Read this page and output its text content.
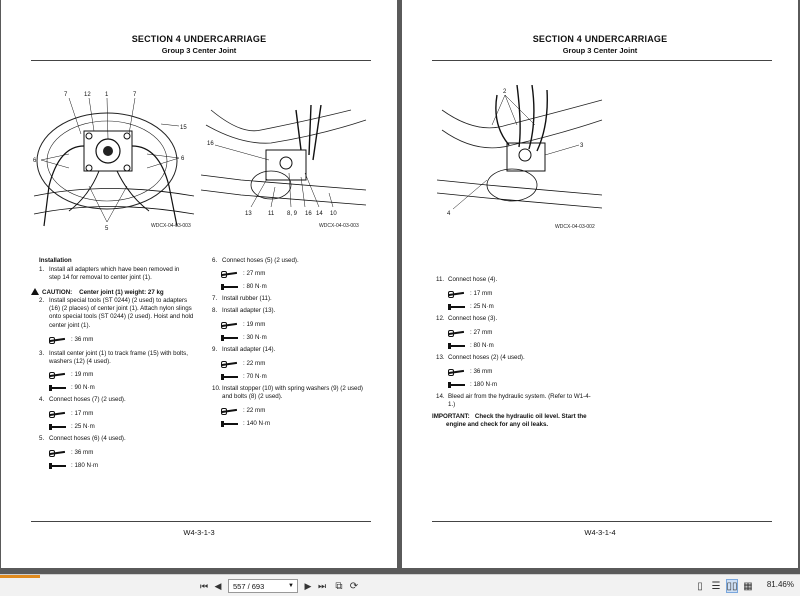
SECTION 4 UNDERCARRIAGE
Group 3 Center Joint
7	12 1	7
15
6	6
5	WDCX-04-03-003
16
13	11 8, 9 16 14 10
WDCX-04-03-003
Installation
1. Install all adapters which have been removed in
step 14 for removal to center joint (1).
CAUTION: Center joint (1) weight: 27 kg
2. Install special tools (ST 0244) (2 used) to adapters
(16) (2 places) of center joint (1). Attach nylon slings
onto special tools (ST 0244) (2 used). Hoist and hold
center joint (1).

: 36 mm
3. Install center joint (1) to track frame (15) with bolts,
washers (12) (4 used).
: 19 mm
: 90 N·m
4. Connect hoses (7) (2 used).
: 17 mm
: 25 N·m
5. Connect hoses (6) (4 used).
: 36 mm
: 180 N·m
6. Connect hoses (5) (2 used).
: 27 mm
: 80 N·m
7. Install rubber (11).
8. Install adapter (13).
: 19 mm
: 30 N·m
9. Install adapter (14).
: 22 mm
: 70 N·m
10.Install stopper (10) with spring washers (9) (2 used)
and bolts (8) (2 used).
: 22 mm
: 140 N·m
W4-3-1-3
SECTION 4 UNDERCARRIAGE
Group 3 Center Joint
2
3
4
WDCX-04-03-002
11. Connect hose (4).
: 17 mm
: 25 N·m
12. Connect hose (3).
: 27 mm
: 80 N·m
13. Connect hoses (2) (4 used).
: 36 mm
: 180 N·m
14. Bleed air from the hydraulic system. (Refer to W1-4-
1.)
IMPORTANT: Check the hydraulic oil level. Start the
engine and check for any oil leaks.
W4-3-1-4
⏮ ◀	557 / 693	▼ ▶ ⏭ ⧉ ⟳	▯ ☰ ▯▯ ▦ 81.46%
